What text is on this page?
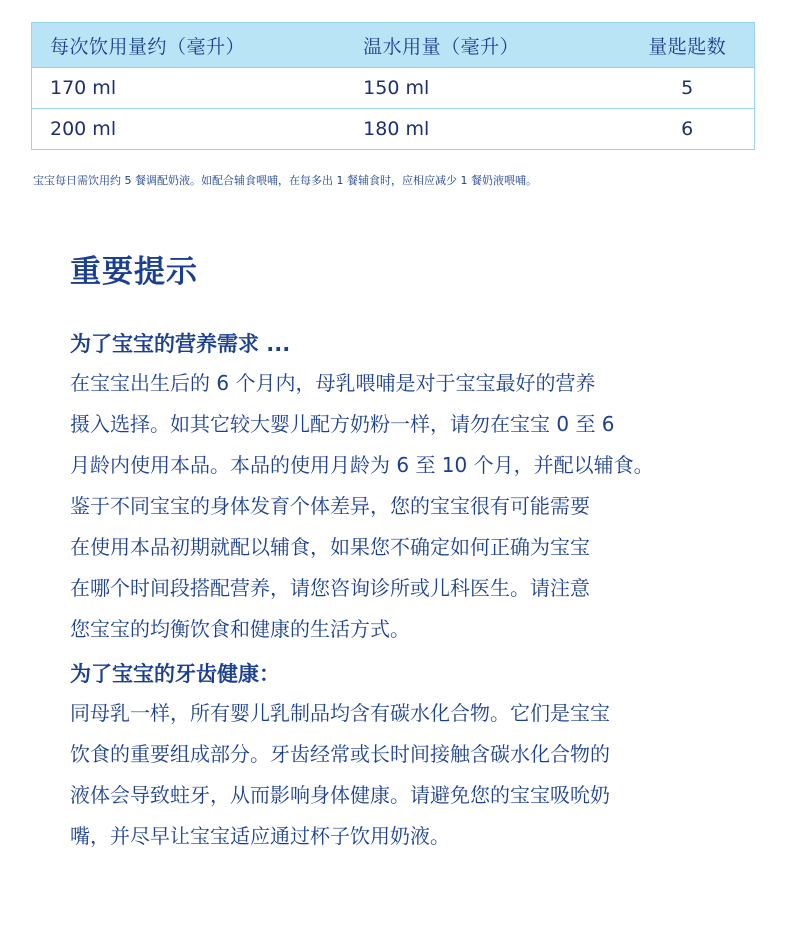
每次饮用量约（毫升）	温水用量（毫升）	量匙匙数
170 ml	150 ml	5
200 ml	180 ml	6
宝宝每日需饮用约 5 餐调配奶液。如配合辅食喂哺，在每多出 1 餐辅食时，应相应减少 1 餐奶液喂哺。
重要提示
为了宝宝的营养需求 ...

在宝宝出生后的 6 个月内，母乳喂哺是对于宝宝最好的营养
摄入选择。如其它较大婴儿配方奶粉一样，请勿在宝宝 0 至 6
月龄内使用本品。本品的使用月龄为 6 至 10 个月，并配以辅食。
鉴于不同宝宝的身体发育个体差异，您的宝宝很有可能需要
在使用本品初期就配以辅食，如果您不确定如何正确为宝宝
在哪个时间段搭配营养，请您咨询诊所或儿科医生。请注意
您宝宝的均衡饮食和健康的生活方式。

为了宝宝的牙齿健康：

同母乳一样，所有婴儿乳制品均含有碳水化合物。它们是宝宝
饮食的重要组成部分。牙齿经常或长时间接触含碳水化合物的
液体会导致蛀牙，从而影响身体健康。请避免您的宝宝吸吮奶
嘴，并尽早让宝宝适应通过杯子饮用奶液。
